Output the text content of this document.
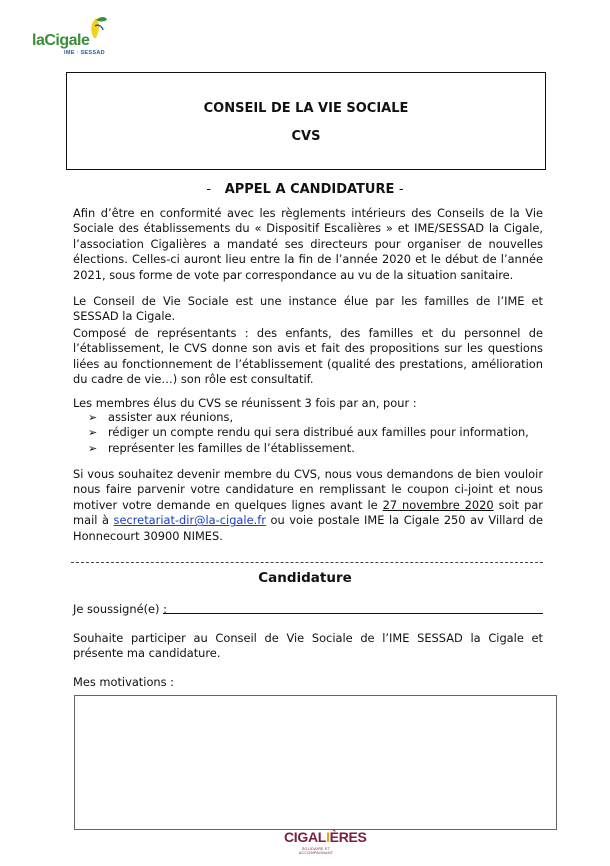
laCigale
IME · SESSAD
CONSEIL DE LA VIE SOCIALE
CVS
- APPEL A CANDIDATURE -

Afin d’être en conformité avec les règlements intérieurs des Conseils de la Vie Sociale des établissements du « Dispositif Escalières » et IME/SESSAD la Cigale, l’association Cigalières a mandaté ses directeurs pour organiser de nouvelles élections. Celles-ci auront lieu entre la fin de l’année 2020 et le début de l’année 2021, sous forme de vote par correspondance au vu de la situation sanitaire.

Le Conseil de Vie Sociale est une instance élue par les familles de l’IME et SESSAD la Cigale.

Composé de représentants : des enfants, des familles et du personnel de l’établissement, le CVS donne son avis et fait des propositions sur les questions liées au fonctionnement de l’établissement (qualité des prestations, amélioration du cadre de vie…) son rôle est consultatif.

Les membres élus du CVS se réunissent 3 fois par an, pour :

➢ assister aux réunions,
➢ rédiger un compte rendu qui sera distribué aux familles pour information,
➢ représenter les familles de l’établissement.

Si vous souhaitez devenir membre du CVS, nous vous demandons de bien vouloir nous faire parvenir votre candidature en remplissant le coupon ci-joint et nous motiver votre demande en quelques lignes avant le 27 novembre 2020 soit par mail à secretariat-dir@la-cigale.fr ou voie postale IME la Cigale 250 av Villard de Honnecourt 30900 NIMES.

Candidature
Je soussigné(e) :

Souhaite participer au Conseil de Vie Sociale de l’IME SESSAD la Cigale et présente ma candidature.

Mes motivations :
CIGALIÈRES
SOLIDAIRE ET ACCOMPAGNANT
